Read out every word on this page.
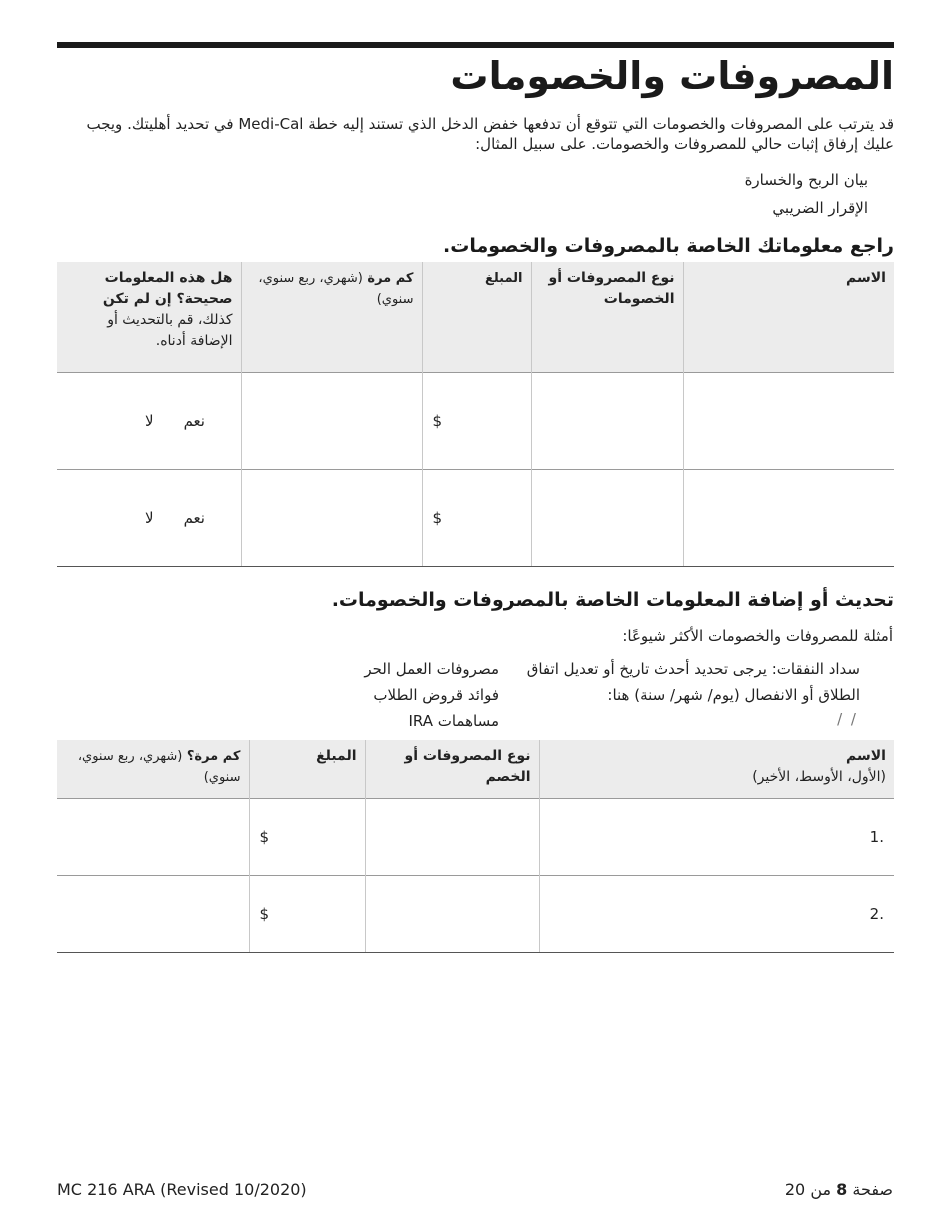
المصروفات والخصومات
قد يترتب على المصروفات والخصومات التي تتوقع أن تدفعها خفض الدخل الذي تستند إليه خطة Medi-Cal في تحديد أهليتك. ويجب عليك إرفاق إثبات حالي للمصروفات والخصومات. على سبيل المثال:
بيان الربح والخسارة
الإقرار الضريبي
راجع معلوماتك الخاصة بالمصروفات والخصومات.
الاسم	نوع المصروفات أو الخصومات	المبلغ	كم مرة (شهري، ربع سنوي، سنوي)	هل هذه المعلومات صحيحة؟ إن لم تكن كذلك، قم بالتحديث أو الإضافة أدناه.
		$		نعملا
		$		نعملا
تحديث أو إضافة المعلومات الخاصة بالمصروفات والخصومات.
أمثلة للمصروفات والخصومات الأكثر شيوعًا:
سداد النفقات: يرجى تحديد أحدث تاريخ أو تعديل اتفاق
الطلاق أو الانفصال (يوم/ شهر/ سنة) هنا:
/ /
مصروفات العمل الحر
فوائد قروض الطلاب
مساهمات IRA
الاسم
(الأول، الأوسط، الأخير)	نوع المصروفات أو الخصم	المبلغ	كم مرة؟ (شهري، ربع سنوي، سنوي)
.1		$	
.2		$	
MC 216 ARA (Revised 10/2020)	صفحة 8 من 20
